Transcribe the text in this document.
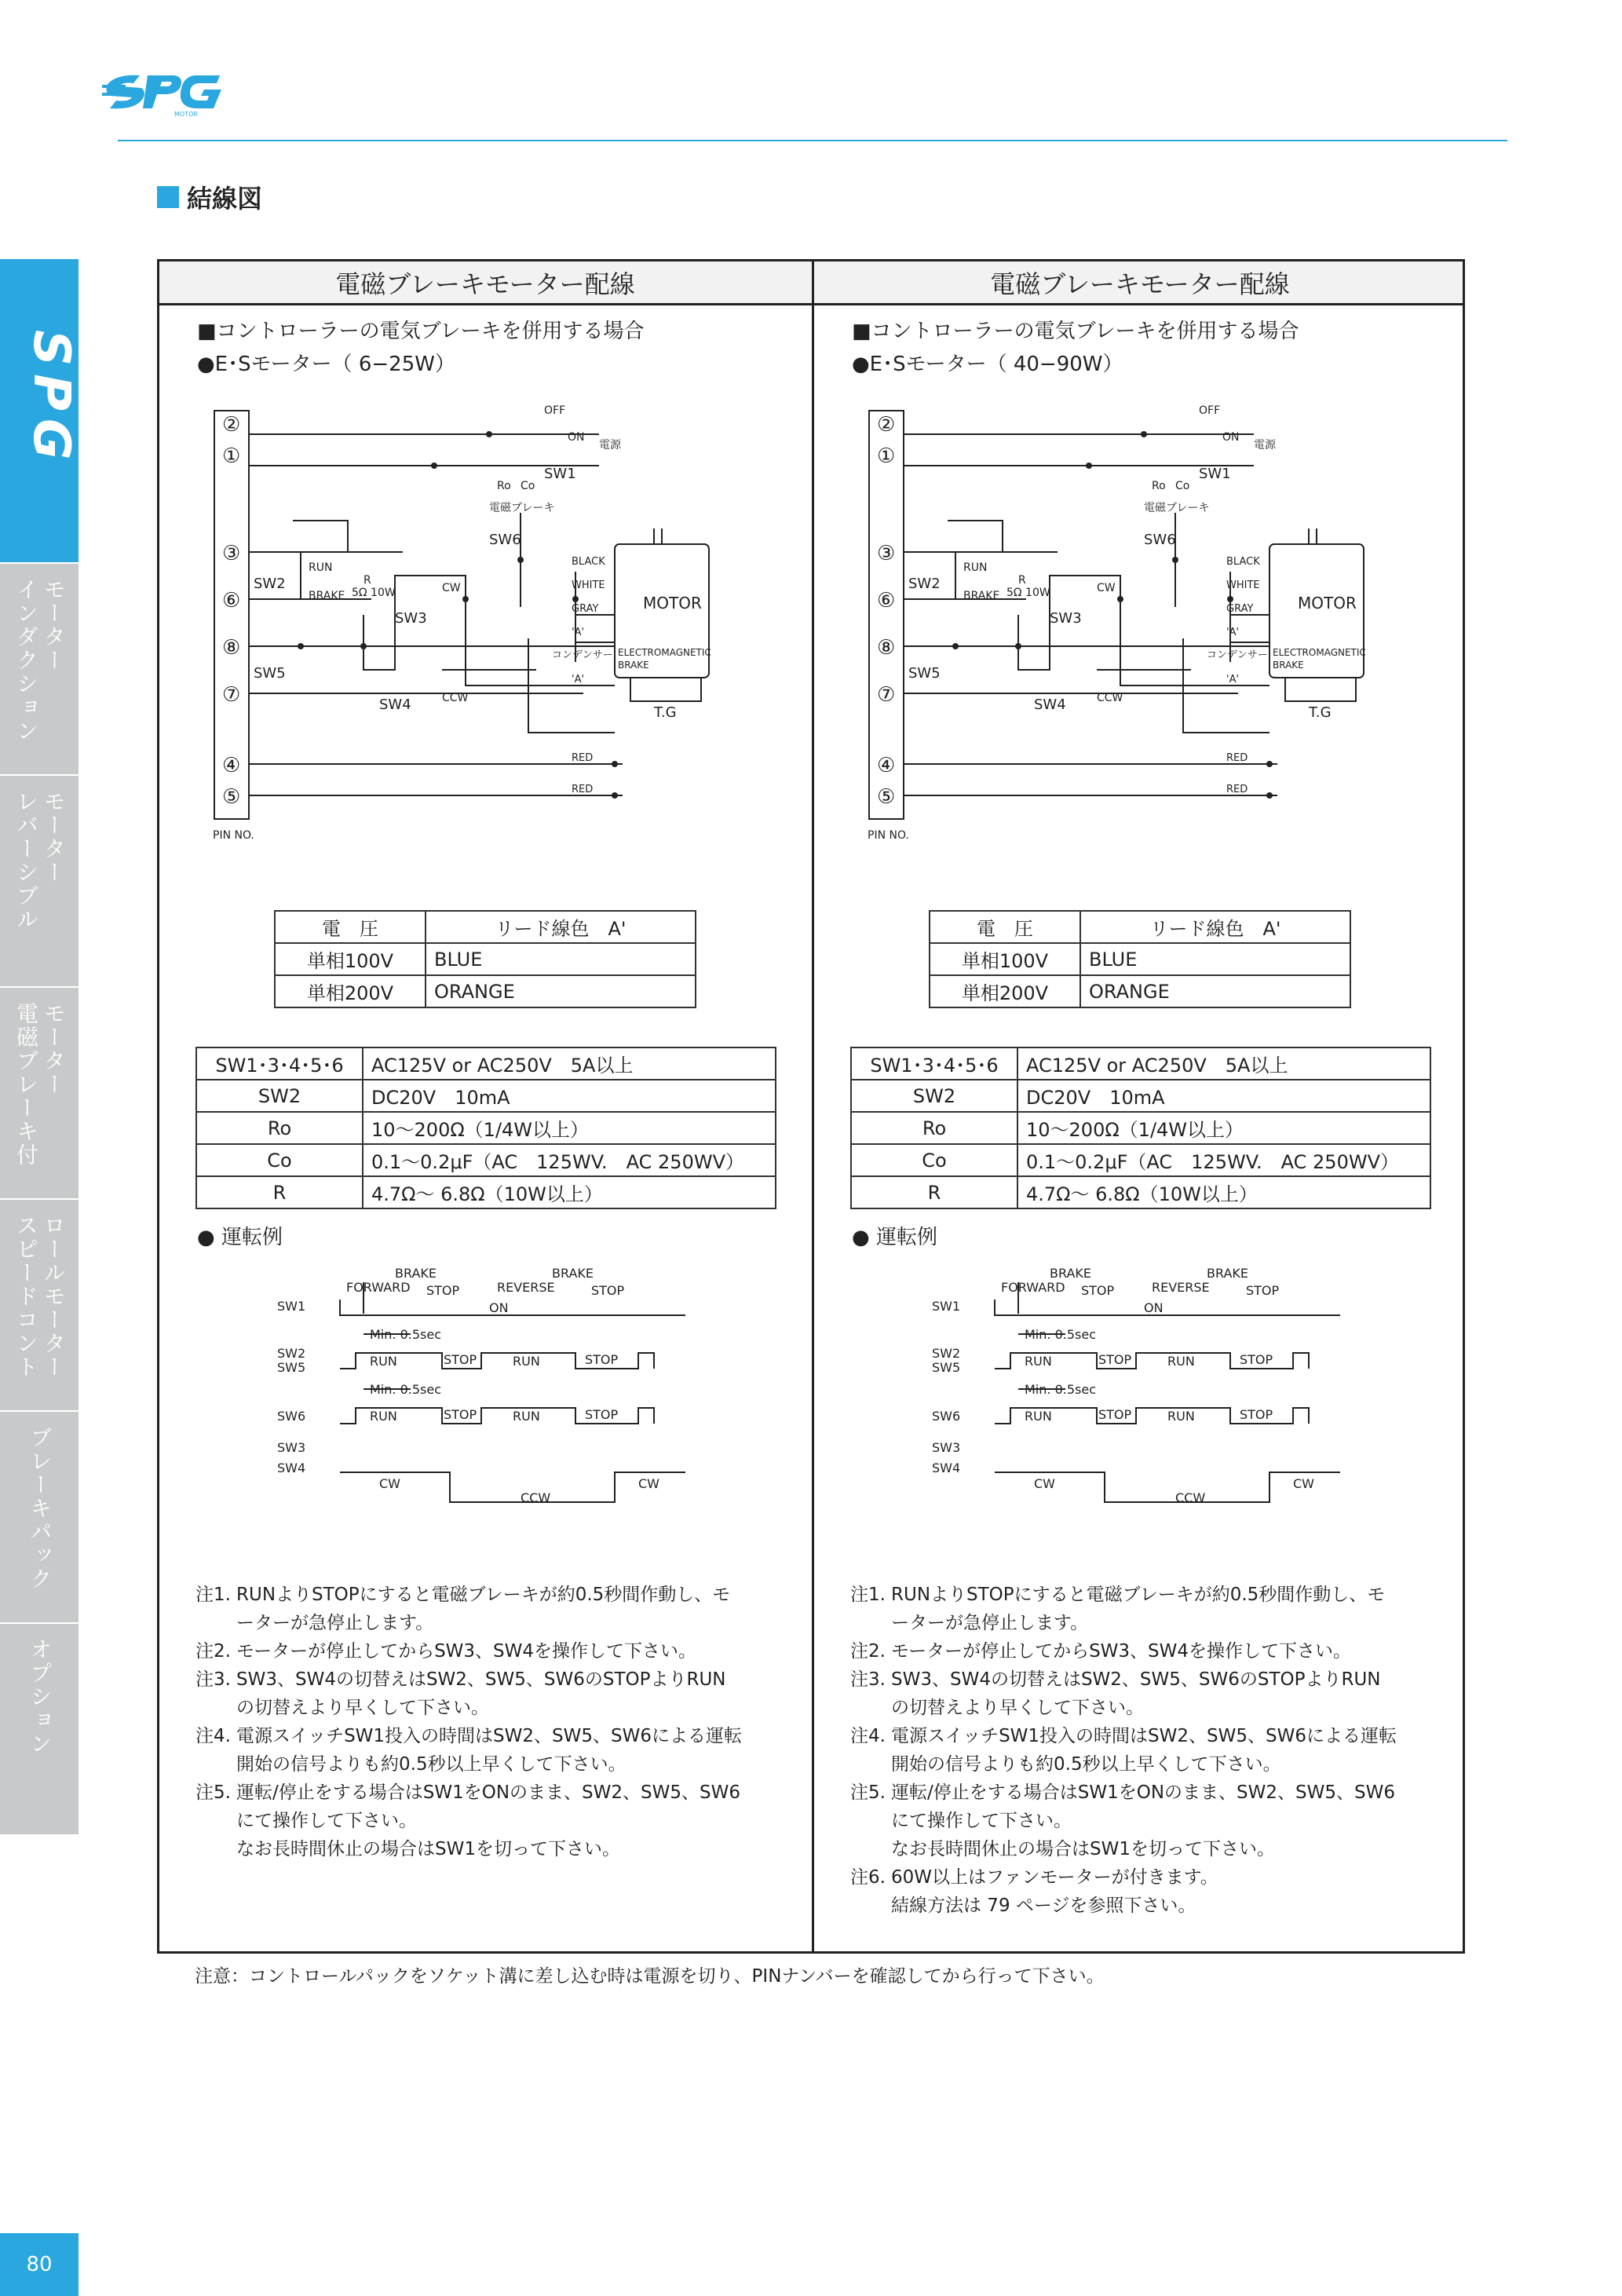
MOTOR
結線図
SPG
モーター
インダクション
モーター
レバーシブル
モーター
電磁ブレーキ付
ロールモーター
スピードコント
ブレーキパック
オプション
80
電磁ブレーキモーター配線
■コントローラーの電気ブレーキを併用する場合
●E･Sモーター（ 6−25W）
②
①
③
⑥
⑧
⑦
④
⑤
PIN NO.
OFF
ON
電源
SW1
SW2
SW3
SW4
SW5
SW6
Ro Co
電磁ブレーキ
RUN
BRAKE
R
5Ω 10W	CW
CCW
コンデンサー
MOTOR
ELECTROMAGNETIC
BRAKE
BLACK
WHITE
GRAY
'A'
'A'
RED
RED
T.G
電　圧	リード線色　A'
単相100V	BLUE
単相200V	ORANGE
SW1･3･4･5･6	AC125V or AC250V　5A以上
SW2	DC20V　10mA
Ro	10～200Ω（1/4W以上）
Co	0.1～0.2μF（AC　125WV.　AC 250WV）
R	4.7Ω～ 6.8Ω（10W以上）
● 運転例
BRAKE	BRAKE
FORWARD STOP	REVERSE	STOP
SW1	ON
Min. 0.5sec
SW2
SW5	RUN	STOP	RUN	STOP
Min. 0.5sec
SW6	RUN	STOP	RUN	STOP
SW3
SW4
CW
CCW
CW
注1. RUNよりSTOPにすると電磁ブレーキが約0.5秒間作動し、モ
ーターが急停止します。
注2. モーターが停止してからSW3、SW4を操作して下さい。
注3. SW3、SW4の切替えはSW2、SW5、SW6のSTOPよりRUN
の切替えより早くして下さい。
注4. 電源スイッチSW1投入の時間はSW2、SW5、SW6による運転
開始の信号よりも約0.5秒以上早くして下さい。
注5. 運転/停止をする場合はSW1をONのまま、SW2、SW5、SW6
にて操作して下さい。
なお長時間休止の場合はSW1を切って下さい。
電磁ブレーキモーター配線
■コントローラーの電気ブレーキを併用する場合
●E･Sモーター（ 40−90W）
②
①
③
⑥
⑧
⑦
④
⑤
PIN NO.
OFF
ON
電源
SW1
SW2
SW3
SW4
SW5
SW6
Ro Co
電磁ブレーキ
RUN
BRAKE
R
5Ω 10W	CW
CCW
コンデンサー
MOTOR
ELECTROMAGNETIC
BRAKE
BLACK
WHITE
GRAY
'A'
'A'
RED
RED
T.G
電　圧	リード線色　A'
単相100V	BLUE
単相200V	ORANGE
SW1･3･4･5･6	AC125V or AC250V　5A以上
SW2	DC20V　10mA
Ro	10～200Ω（1/4W以上）
Co	0.1～0.2μF（AC　125WV.　AC 250WV）
R	4.7Ω～ 6.8Ω（10W以上）
● 運転例
BRAKE	BRAKE
FORWARD STOP	REVERSE	STOP
SW1	ON
Min. 0.5sec
SW2
SW5	RUN	STOP	RUN	STOP
Min. 0.5sec
SW6	RUN	STOP	RUN	STOP
SW3
SW4
CW
CCW
CW
注1. RUNよりSTOPにすると電磁ブレーキが約0.5秒間作動し、モ
ーターが急停止します。
注2. モーターが停止してからSW3、SW4を操作して下さい。
注3. SW3、SW4の切替えはSW2、SW5、SW6のSTOPよりRUN
の切替えより早くして下さい。
注4. 電源スイッチSW1投入の時間はSW2、SW5、SW6による運転
開始の信号よりも約0.5秒以上早くして下さい。
注5. 運転/停止をする場合はSW1をONのまま、SW2、SW5、SW6
にて操作して下さい。
なお長時間休止の場合はSW1を切って下さい。
注6. 60W以上はファンモーターが付きます。
結線方法は 79 ページを参照下さい。
注意：コントロールパックをソケット溝に差し込む時は電源を切り、PINナンバーを確認してから行って下さい。
